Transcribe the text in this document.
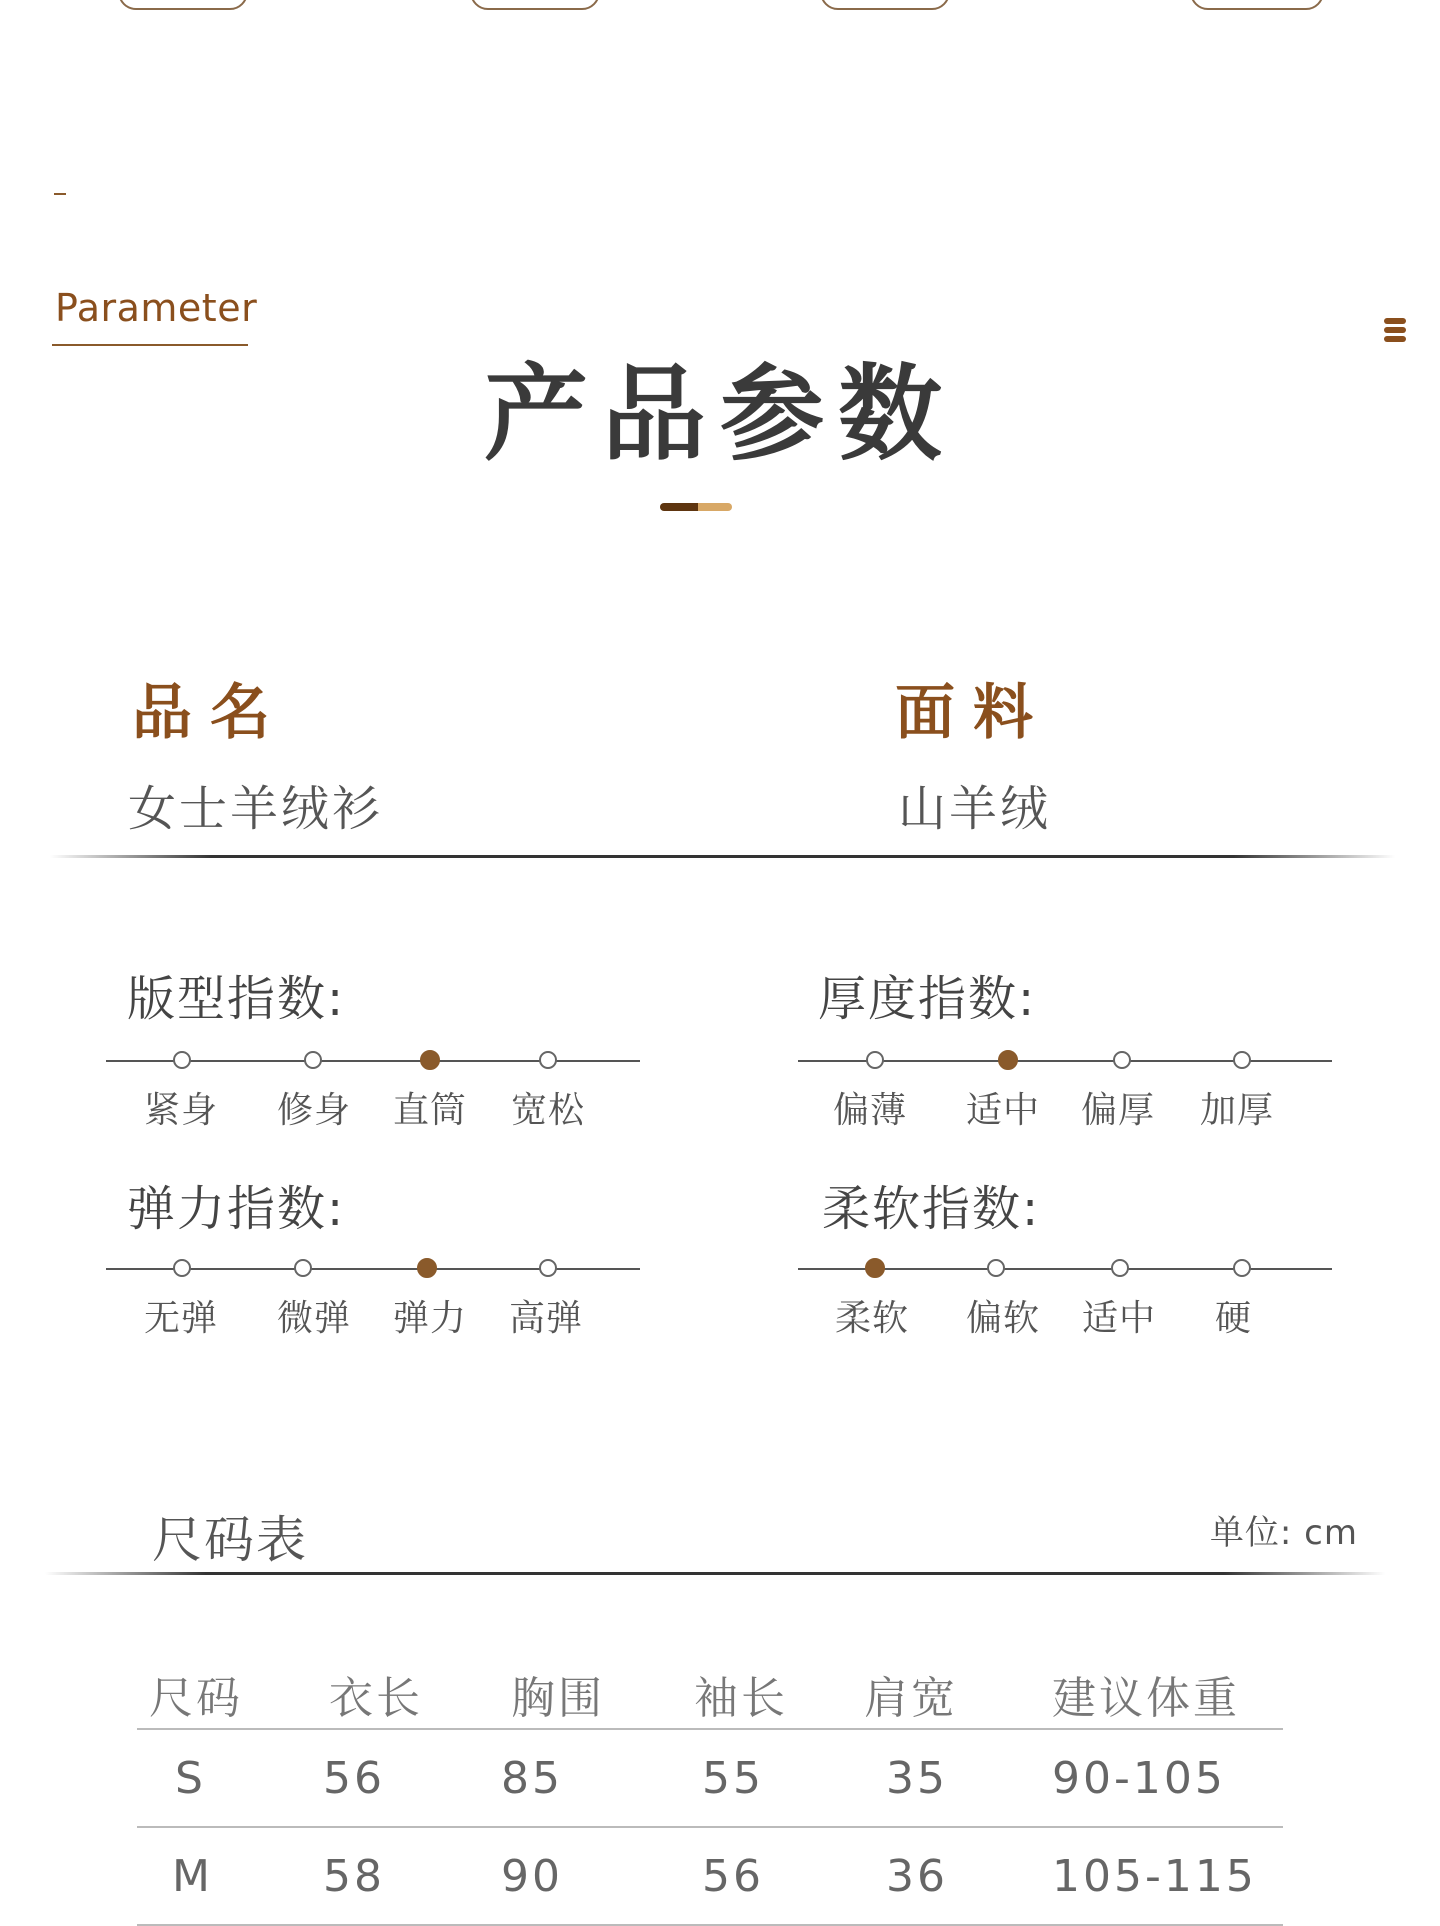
Parameter
产品参数
品名
女士羊绒衫
面料
山羊绒
版型指数:
紧身 修身 直筒 宽松
厚度指数:
偏薄 适中 偏厚 加厚
弹力指数:
无弹 微弹 弹力 高弹
柔软指数:
柔软 偏软 适中 硬
尺码表	单位: cm
尺码	衣长	胸围	袖长	肩宽	建议体重
S	56	85	55	35	90-105
M	58	90	56	36	105-115
